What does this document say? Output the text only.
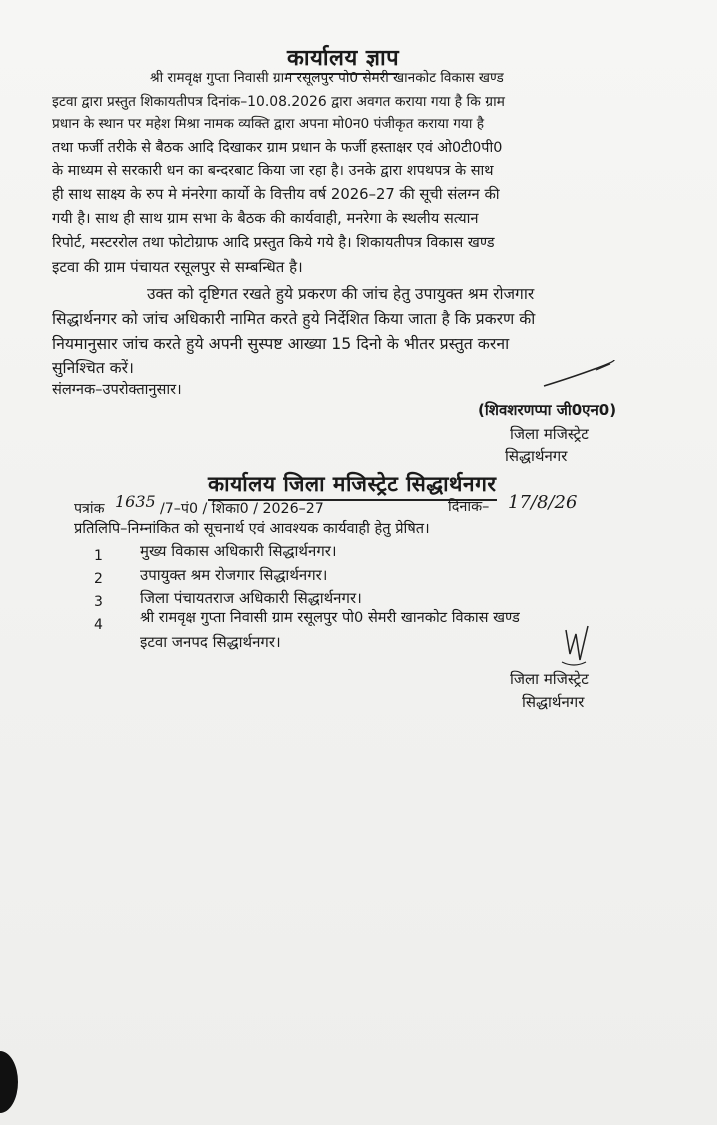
कार्यालय ज्ञाप
श्री रामवृक्ष गुप्ता निवासी ग्राम रसूलपुर पो0 सेमरी खानकोट विकास खण्ड
इटवा द्वारा प्रस्तुत शिकायतीपत्र दिनांक–10.08.2026 द्वारा अवगत कराया गया है कि ग्राम
प्रधान के स्थान पर महेश मिश्रा नामक व्यक्ति द्वारा अपना मो0न0 पंजीकृत कराया गया है
तथा फर्जी तरीके से बैठक आदि दिखाकर ग्राम प्रधान के फर्जी हस्ताक्षर एवं ओ0टी0पी0
के माध्यम से सरकारी धन का बन्दरबाट किया जा रहा है। उनके द्वारा शपथपत्र के साथ
ही साथ साक्ष्य के रुप मे मंनरेगा कार्यो के वित्तीय वर्ष 2026–27 की सूची संलग्न की
गयी है। साथ ही साथ ग्राम सभा के बैठक की कार्यवाही, मनरेगा के स्थलीय सत्यान
रिपोर्ट, मस्टररोल तथा फोटोग्राफ आदि प्रस्तुत किये गये है। शिकायतीपत्र विकास खण्ड
इटवा की ग्राम पंचायत रसूलपुर से सम्बन्धित है।
उक्त को दृष्टिगत रखते हुये प्रकरण की जांच हेतु उपायुक्त श्रम रोजगार
सिद्धार्थनगर को जांच अधिकारी नामित करते हुये निर्देशित किया जाता है कि प्रकरण की
नियमानुसार जांच करते हुये अपनी सुस्पष्ट आख्या 15 दिनो के भीतर प्रस्तुत करना
सुनिश्चित करें।
संलग्नक–उपरोक्तानुसार।
(शिवशरणप्पा जी0एन0)
जिला मजिस्ट्रेट
सिद्धार्थनगर
कार्यालय जिला मजिस्ट्रेट सिद्धार्थनगर
पत्रांक 1635 /7–पं0 / शिका0 / 2026–27	दिनांक– 17/8/26
प्रतिलिपि–निम्नांकित को सूचनार्थ एवं आवश्यक कार्यवाही हेतु प्रेषित।
1 मुख्य विकास अधिकारी सिद्धार्थनगर।
2 उपायुक्त श्रम रोजगार सिद्धार्थनगर।
3 जिला पंचायतराज अधिकारी सिद्धार्थनगर।
4	श्री रामवृक्ष गुप्ता निवासी ग्राम रसूलपुर पो0 सेमरी खानकोट विकास खण्ड
इटवा जनपद सिद्धार्थनगर।
जिला मजिस्ट्रेट
सिद्धार्थनगर
